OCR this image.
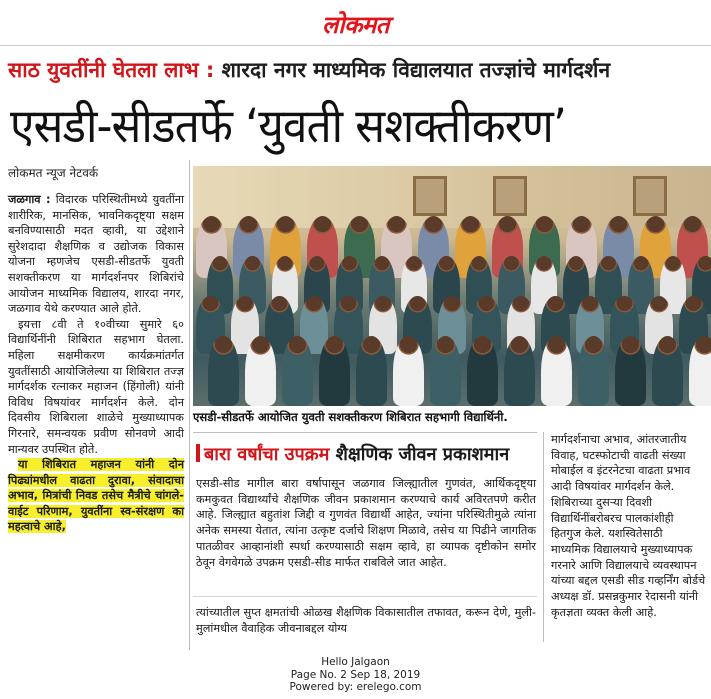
लोकमत
साठ युवतींनी घेतला लाभ : शारदा नगर माध्यमिक विद्यालयात तज्ज्ञांचे मार्गदर्शन
एसडी-सीडतर्फे ‘युवती सशक्तीकरण’
लोकमत न्यूज नेटवर्क

जळगाव : विदारक परिस्थितीमध्ये युवतींना शारीरिक, मानसिक, भावनिकदृष्ट्या सक्षम बनविण्यासाठी मदत व्हावी, या उद्देशाने सुरेशदादा शैक्षणिक व उद्योजक विकास योजना म्हणजेच एसडी-सीडतर्फे युवती सशक्तीकरण या मार्गदर्शनपर शिबिरांचे आयोजन माध्यमिक विद्यालय, शारदा नगर, जळगाव येथे करण्यात आले होते.

इयत्ता ८वी ते १०वीच्या सुमारे ६० विद्यार्थिनींनी शिबिरात सहभाग घेतला. महिला सक्षमीकरण कार्यक्रमांतर्गत युवतींसाठी आयोजिलेल्या या शिबिरात तज्ज्ञ मार्गदर्शक रत्नाकर महाजन (हिंगोली) यांनी विविध विषयांवर मार्गदर्शन केले. दोन दिवसीय शिबिराला शाळेचे मुख्याध्यापक गिरनारे, समन्वयक प्रवीण सोनवणे आदी मान्यवर उपस्थित होते.

या शिबिरात महाजन यांनी दोन पिढ्यांमधील वाढता दुरावा, संवादाचा अभाव, मित्रांची निवड तसेच मैत्रीचे चांगले-वाईट परिणाम, युवतींना स्व-संरक्षण का महत्वाचे आहे,

एसडी-सीडतर्फे आयोजित युवती सशक्तीकरण शिबिरात सहभागी विद्यार्थिनी.
बारा वर्षांचा उपक्रम शैक्षणिक जीवन प्रकाशमान
एसडी-सीड मागील बारा वर्षापासून जळगाव जिल्ह्यातील गुणवंत, आर्थिकदृष्ट्या कमकुवत विद्यार्थ्यांचे शैक्षणिक जीवन प्रकाशमान करण्याचे कार्य अविरतपणे करीत आहे. जिल्ह्यात बहुतांश जिद्दी व गुणवंत विद्यार्थी आहेत, ज्यांना परिस्थितीमुळे त्यांना अनेक समस्या येतात, त्यांना उत्कृष्ट दर्जाचे शिक्षण मिळावे, तसेच या पिढीने जागतिक पातळीवर आव्हानांशी स्पर्धा करण्यासाठी सक्षम व्हावे, हा व्यापक दृष्टीकोन समोर ठेवून वेगवेगळे उपक्रम एसडी-सीड मार्फत राबविले जात आहेत.
त्यांच्यातील सुप्त क्षमतांची ओळख शैक्षणिक विकासातील तफावत, करून देणे, मुली-मुलांमधील वैवाहिक जीवनाबद्दल योग्य
मार्गदर्शनाचा अभाव, आंतरजातीय
विवाह, घटस्फोटाची वाढती संख्या
मोबाईल व इंटरनेटचा वाढता प्रभाव
आदी विषयांवर मार्गदर्शन केले.
शिबिराच्या दुसऱ्या दिवशी
विद्यार्थिनींबरोबरच पालकांशीही
हितगुज केले. यशस्वितेसाठी
माध्यमिक विद्यालयाचे मुख्याध्यापक
गरनारे आणि विद्यालयाचे व्यवस्थापन
यांच्या बद्दल एसडी सीड गव्हर्निंग बोर्डचे
अध्यक्ष डॉ. प्रसन्नकुमार रेदासनी यांनी
कृतज्ञता व्यक्त केली आहे.
Hello Jalgaon
Page No. 2 Sep 18, 2019
Powered by: erelego.com
